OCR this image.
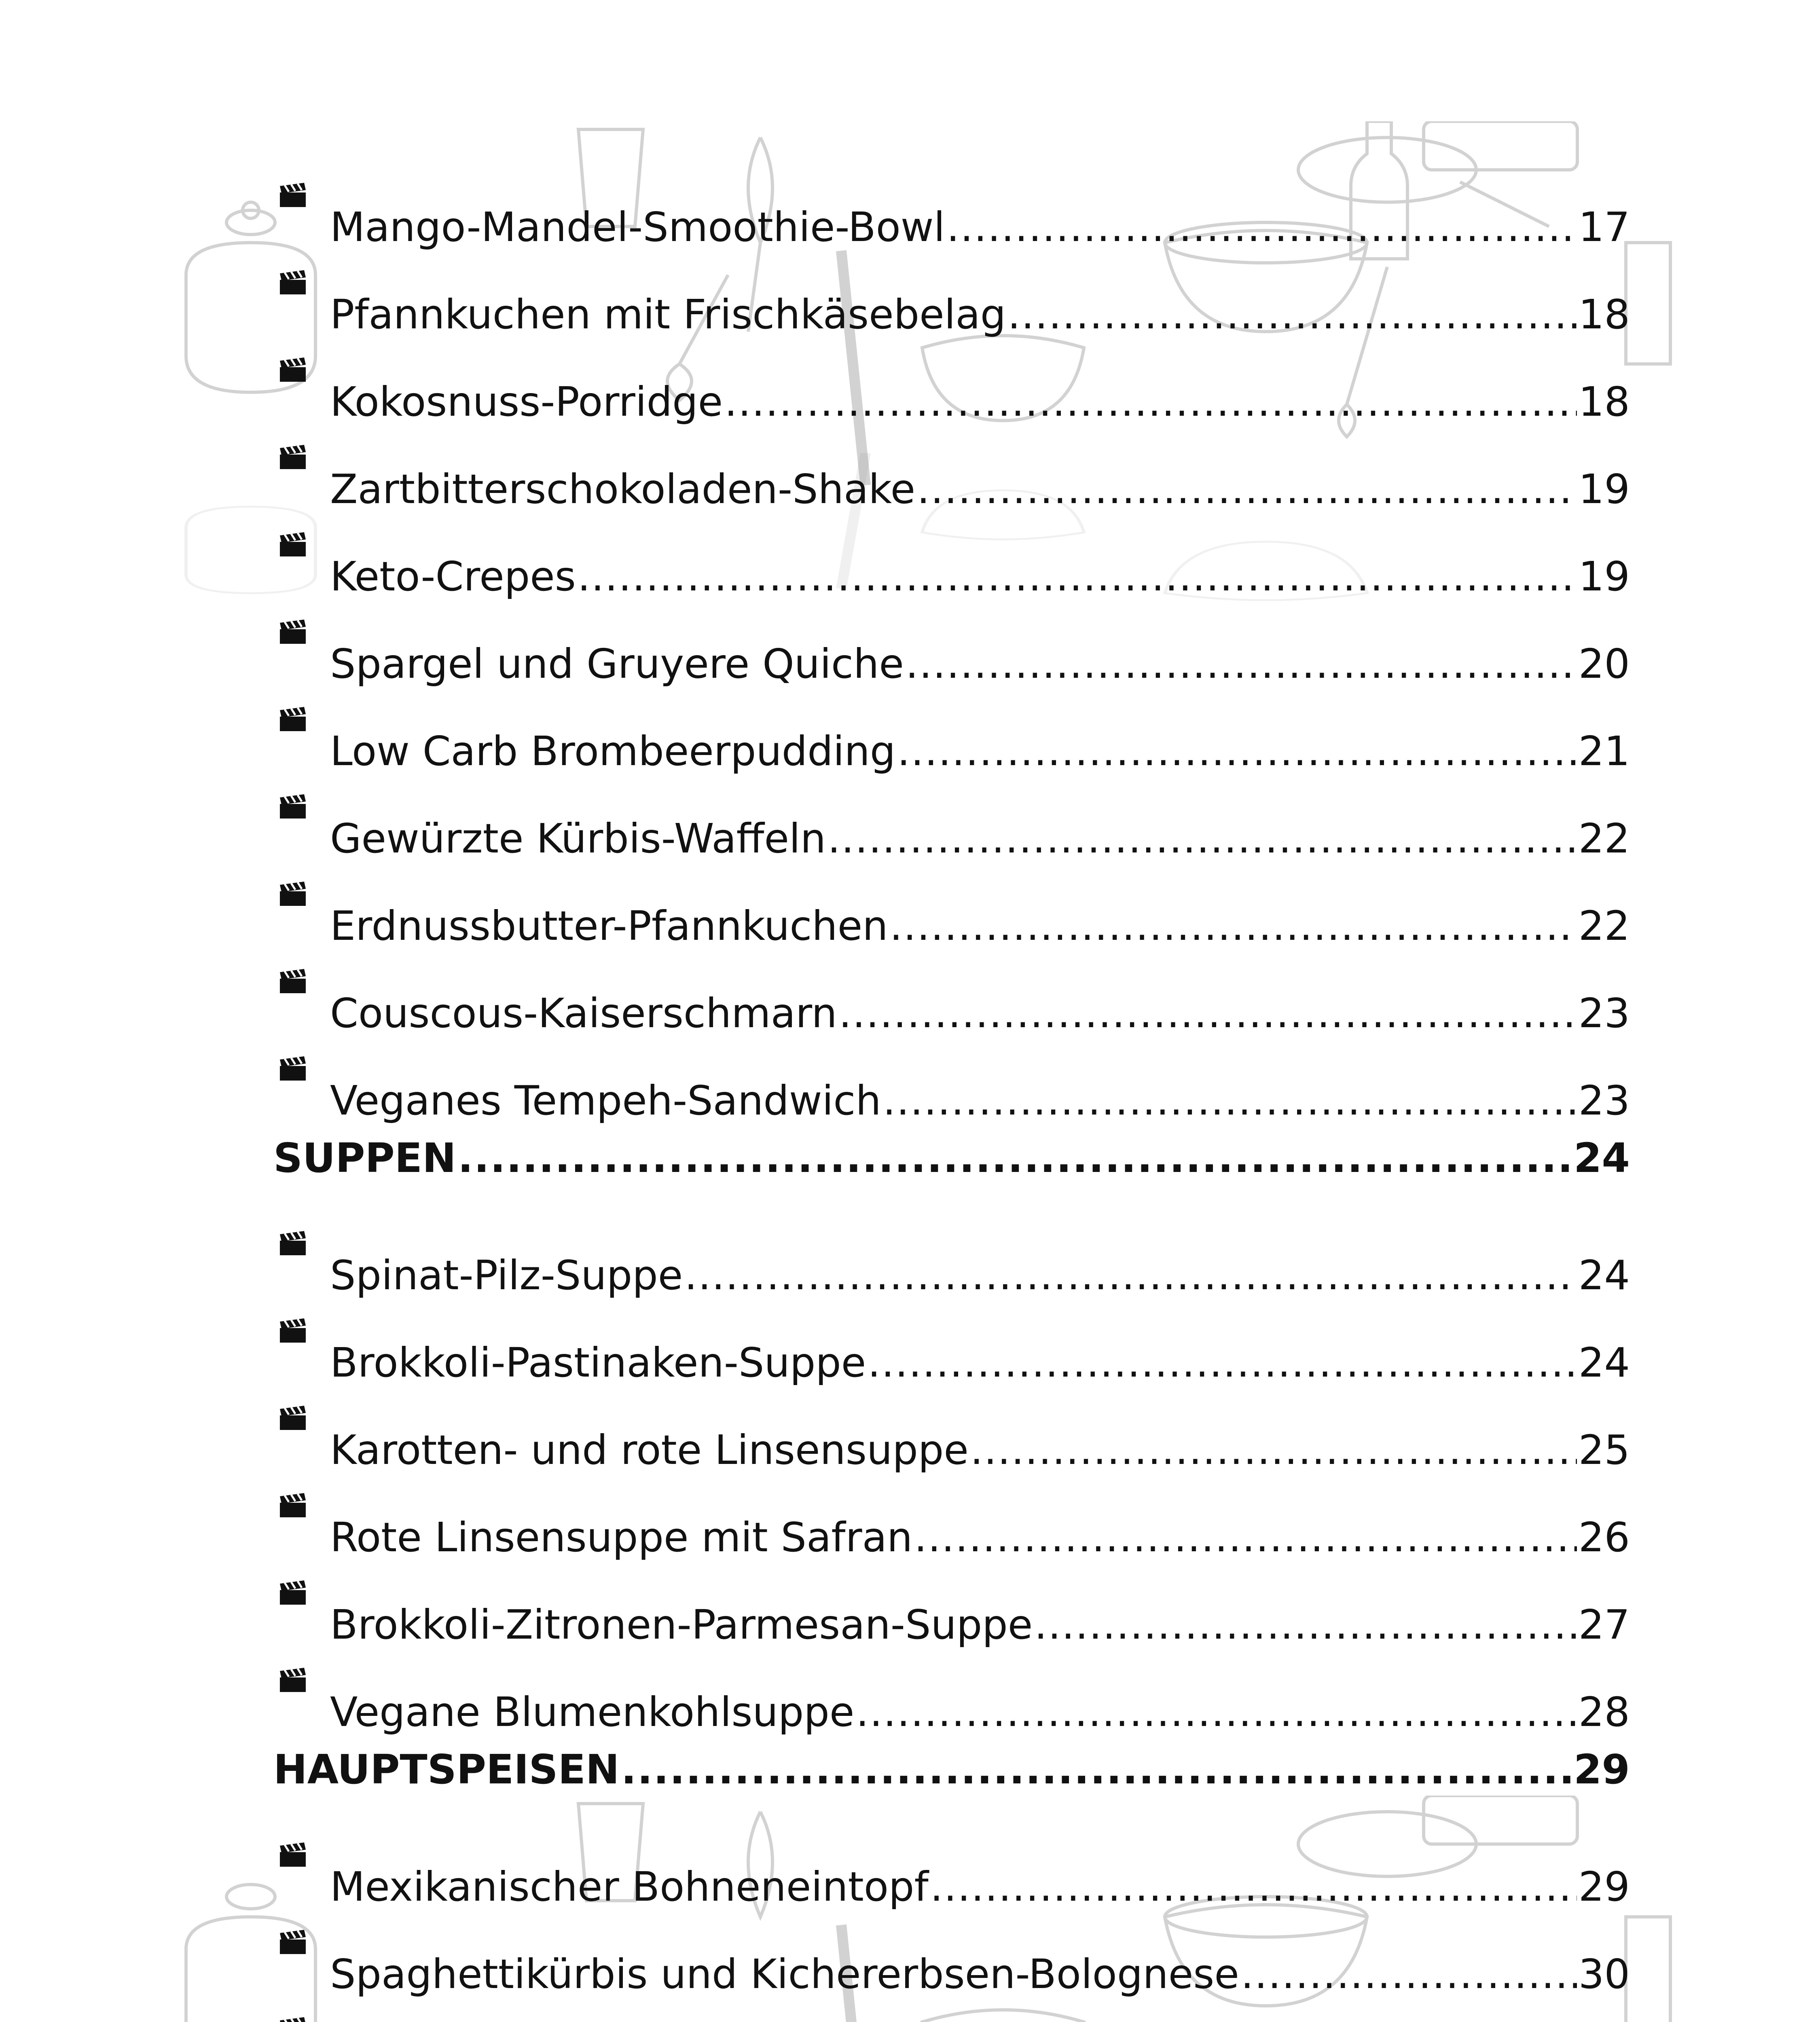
Mango-Mandel-Smoothie-Bowl .....	17
Pfannkuchen mit Frischkäsebelag .....	18
Kokosnuss-Porridge .....	18
Zartbitterschokoladen-Shake .....	19
Keto-Crepes .....	19
Spargel und Gruyere Quiche .....	20
Low Carb Brombeerpudding .....	21
Gewürzte Kürbis-Waffeln .....	22
Erdnussbutter-Pfannkuchen .....	22
Couscous-Kaiserschmarn .....	23
Veganes Tempeh-Sandwich .....	23
SUPPEN .....	24
Spinat-Pilz-Suppe .....	24
Brokkoli-Pastinaken-Suppe .....	24
Karotten- und rote Linsensuppe .....	25
Rote Linsensuppe mit Safran .....	26
Brokkoli-Zitronen-Parmesan-Suppe .....	27
Vegane Blumenkohlsuppe .....	28
HAUPTSPEISEN .....	29
Mexikanischer Bohneneintopf .....	29
Spaghettikürbis und Kichererbsen-Bolognese .....	30
.....
